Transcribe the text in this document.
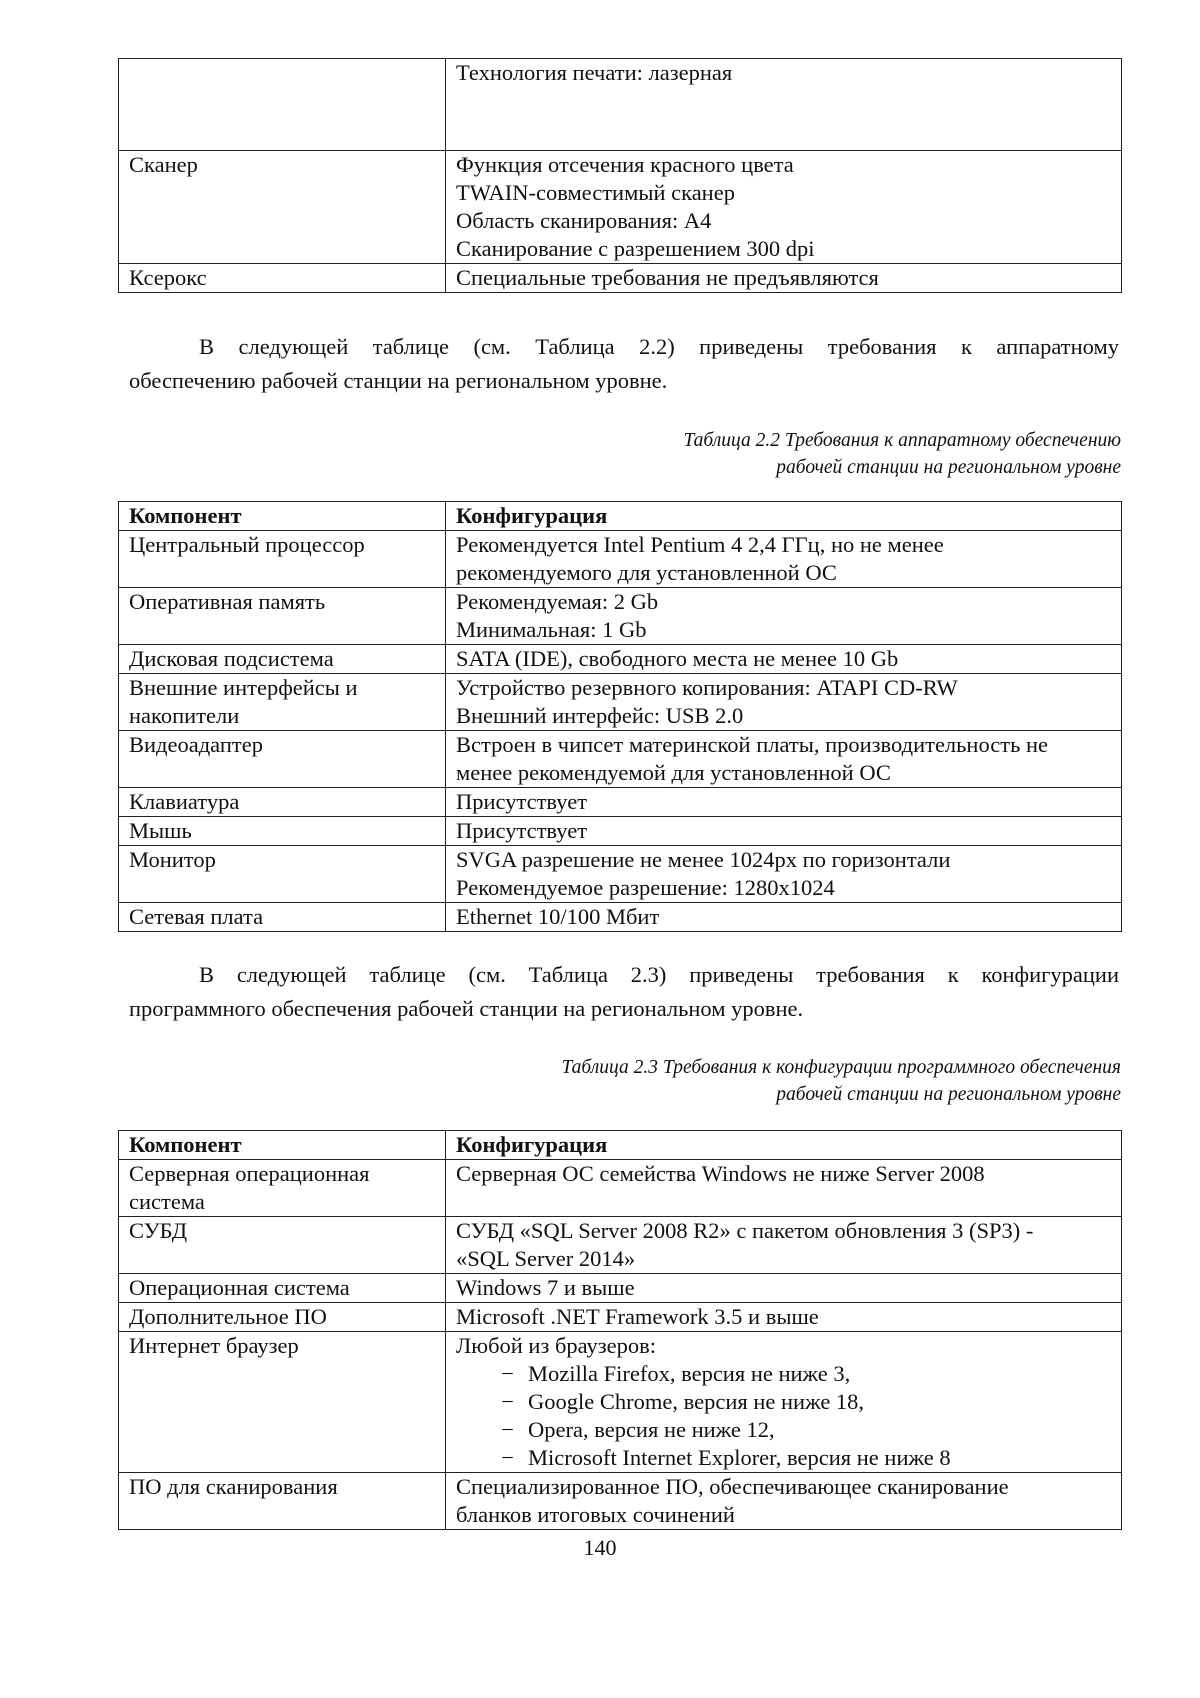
	Технология печати: лазерная

Сканер	Функция отсечения красного цвета
TWAIN-совместимый сканер
Область сканирования: А4
Сканирование с разрешением 300 dpi

Ксерокс	Специальные требования не предъявляются
В следующей таблице (см. Таблица 2.2) приведены требования к аппаратному
обеспечению рабочей станции на региональном уровне.
Таблица 2.2 Требования к аппаратному обеспечению
рабочей станции на региональном уровне
Компонент	Конфигурация

Центральный процессор	Рекомендуется Intel Pentium 4 2,4 ГГц, но не менее
рекомендуемого для установленной ОС

Оперативная память	Рекомендуемая: 2 Gb
Минимальная: 1 Gb

Дисковая подсистема	SATA (IDE), свободного места не менее 10 Gb

Внешние интерфейсы и
накопители	Устройство резервного копирования: ATAPI CD-RW
Внешний интерфейс: USB 2.0

Видеоадаптер	Встроен в чипсет материнской платы, производительность не
менее рекомендуемой для установленной ОС

Клавиатура	Присутствует

Мышь	Присутствует

Монитор	SVGA разрешение не менее 1024px по горизонтали
Рекомендуемое разрешение: 1280x1024

Сетевая плата	Ethernet 10/100 Мбит
В следующей таблице (см. Таблица 2.3) приведены требования к конфигурации
программного обеспечения рабочей станции на региональном уровне.
Таблица 2.3 Требования к конфигурации программного обеспечения
рабочей станции на региональном уровне
Компонент	Конфигурация

Серверная операционная
система	Серверная ОС семейства Windows не ниже Server 2008

СУБД	СУБД «SQL Server 2008 R2» с пакетом обновления 3 (SP3) -
«SQL Server 2014»

Операционная система	Windows 7 и выше

Дополнительное ПО	Microsoft .NET Framework 3.5 и выше

Интернет браузер	Любой из браузеров:
− Mozilla Firefox, версия не ниже 3,
− Google Chrome, версия не ниже 18,
− Opera, версия не ниже 12,
− Microsoft Internet Explorer, версия не ниже 8

ПО для сканирования	Специализированное ПО, обеспечивающее сканирование
бланков итоговых сочинений
140
